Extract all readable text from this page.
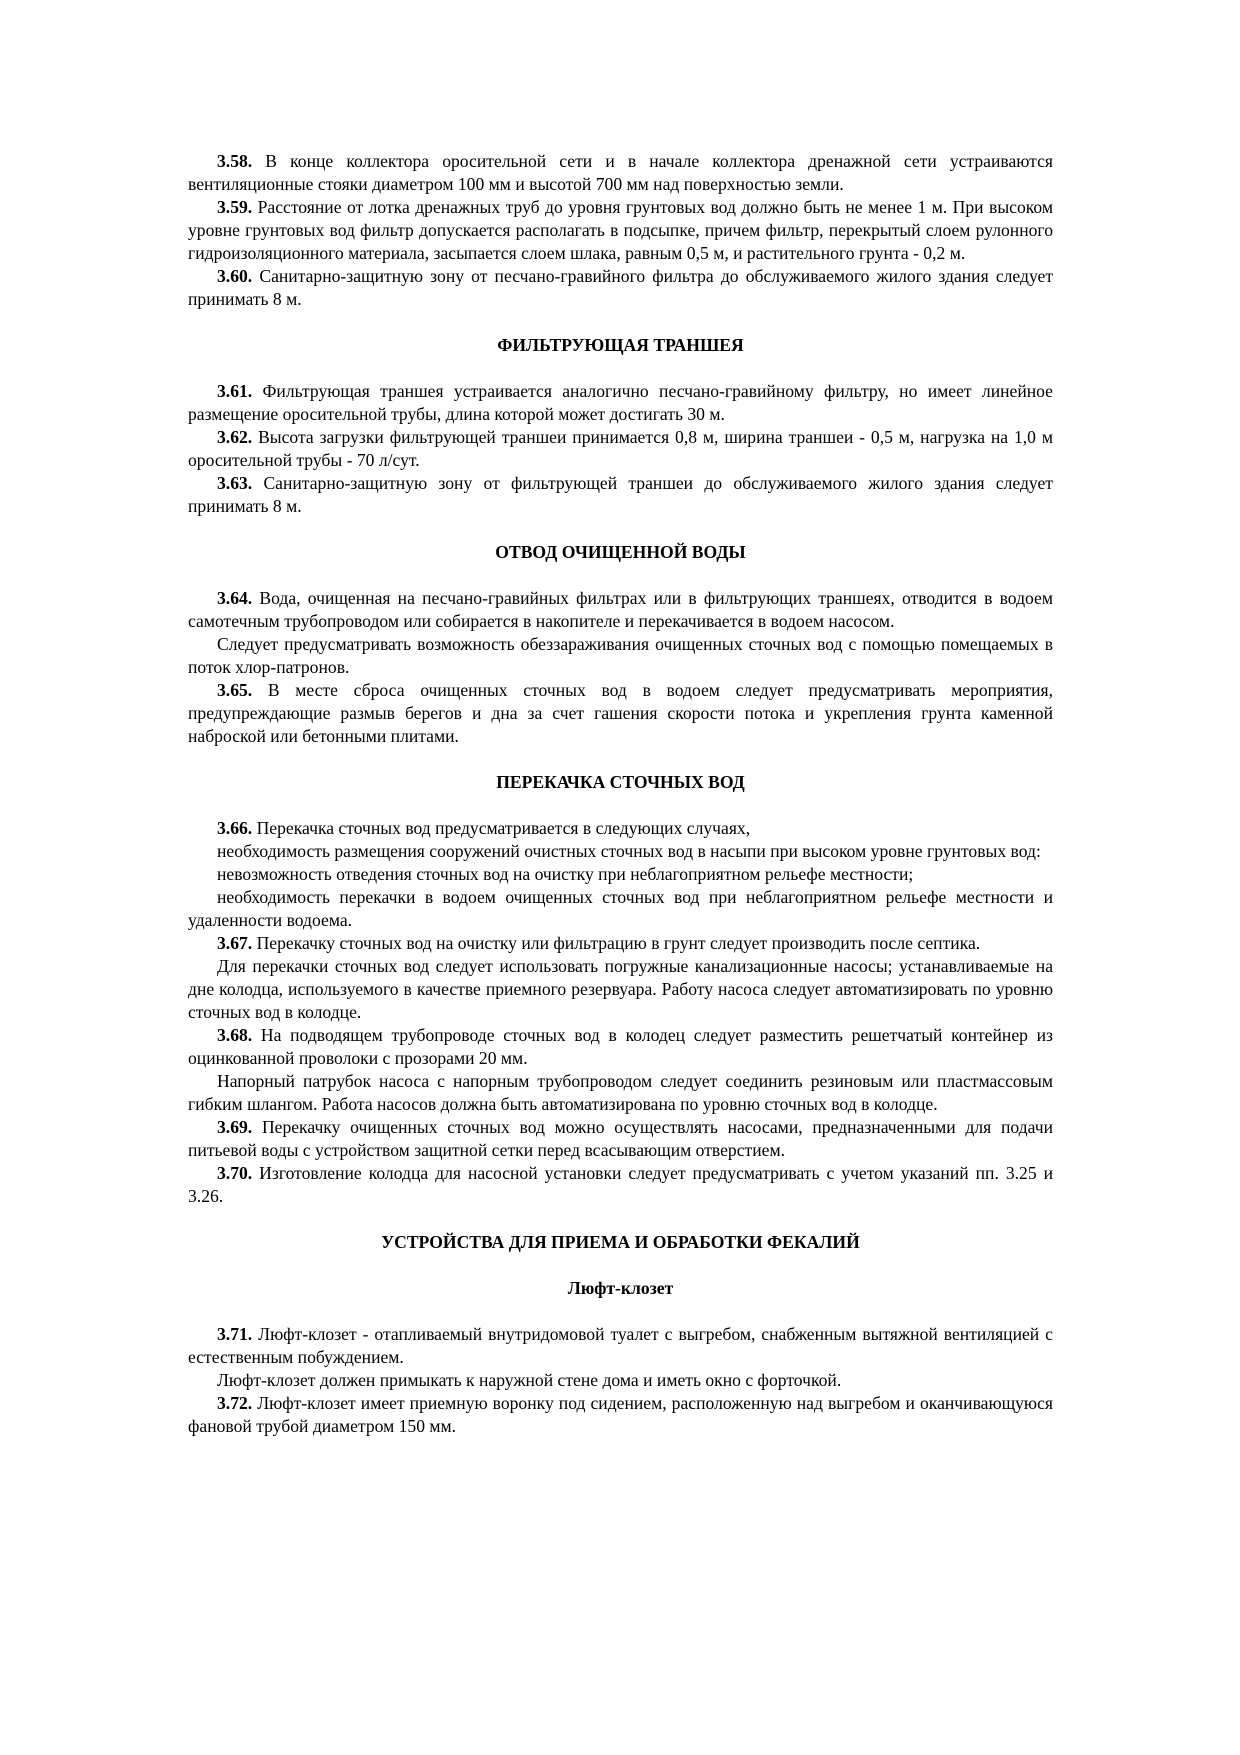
3.58. В конце коллектора оросительной сети и в начале коллектора дренажной сети устраиваются вентиляционные стояки диаметром 100 мм и высотой 700 мм над поверхностью земли.

3.59. Расстояние от лотка дренажных труб до уровня грунтовых вод должно быть не менее 1 м. При высоком уровне грунтовых вод фильтр допускается располагать в подсыпке, причем фильтр, перекрытый слоем рулонного гидроизоляционного материала, засыпается слоем шлака, равным 0,5 м, и растительного грунта - 0,2 м.

3.60. Санитарно-защитную зону от песчано-гравийного фильтра до обслуживаемого жилого здания следует принимать 8 м.

ФИЛЬТРУЮЩАЯ ТРАНШЕЯ

3.61. Фильтрующая траншея устраивается аналогично песчано-гравийному фильтру, но имеет линейное размещение оросительной трубы, длина которой может достигать 30 м.

3.62. Высота загрузки фильтрующей траншеи принимается 0,8 м, ширина траншеи - 0,5 м, нагрузка на 1,0 м оросительной трубы - 70 л/сут.

3.63. Санитарно-защитную зону от фильтрующей траншеи до обслуживаемого жилого здания следует принимать 8 м.

ОТВОД ОЧИЩЕННОЙ ВОДЫ

3.64. Вода, очищенная на песчано-гравийных фильтрах или в фильтрующих траншеях, отводится в водоем самотечным трубопроводом или собирается в накопителе и перекачивается в водоем насосом.

Следует предусматривать возможность обеззараживания очищенных сточных вод с помощью помещаемых в поток хлор-патронов.

3.65. В месте сброса очищенных сточных вод в водоем следует предусматривать мероприятия, предупреждающие размыв берегов и дна за счет гашения скорости потока и укрепления грунта каменной наброской или бетонными плитами.

ПЕРЕКАЧКА СТОЧНЫХ ВОД

3.66. Перекачка сточных вод предусматривается в следующих случаях,

необходимость размещения сооружений очистных сточных вод в насыпи при высоком уровне грунтовых вод:

невозможность отведения сточных вод на очистку при неблагоприятном рельефе местности;

необходимость перекачки в водоем очищенных сточных вод при неблагоприятном рельефе местности и удаленности водоема.

3.67. Перекачку сточных вод на очистку или фильтрацию в грунт следует производить после септика.

Для перекачки сточных вод следует использовать погружные канализационные насосы; устанавливаемые на дне колодца, используемого в качестве приемного резервуара. Работу насоса следует автоматизировать по уровню сточных вод в колодце.

3.68. На подводящем трубопроводе сточных вод в колодец следует разместить решетчатый контейнер из оцинкованной проволоки с прозорами 20 мм.

Напорный патрубок насоса с напорным трубопроводом следует соединить резиновым или пластмассовым гибким шлангом. Работа насосов должна быть автоматизирована по уровню сточных вод в колодце.

3.69. Перекачку очищенных сточных вод можно осуществлять насосами, предназначенными для подачи питьевой воды с устройством защитной сетки перед всасывающим отверстием.

3.70. Изготовление колодца для насосной установки следует предусматривать с учетом указаний пп. 3.25 и 3.26.

УСТРОЙСТВА ДЛЯ ПРИЕМА И ОБРАБОТКИ ФЕКАЛИЙ

Люфт-клозет

3.71. Люфт-клозет - отапливаемый внутридомовой туалет с выгребом, снабженным вытяжной вентиляцией с естественным побуждением.

Люфт-клозет должен примыкать к наружной стене дома и иметь окно с форточкой.

3.72. Люфт-клозет имеет приемную воронку под сидением, расположенную над выгребом и оканчивающуюся фановой трубой диаметром 150 мм.
